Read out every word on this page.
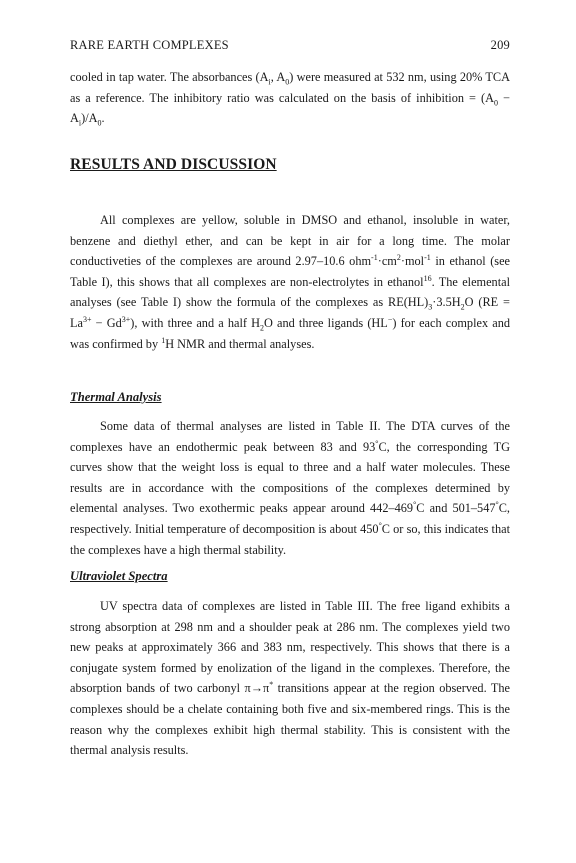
RARE EARTH COMPLEXES	209

cooled in tap water. The absorbances ($A_i$, $A_0$) were measured at 532 nm, using 20% TCA as a reference. The inhibitory ratio was calculated on the basis of inhibition = $(A_0 - A_i)/A_0$.

RESULTS AND DISCUSSION

All complexes are yellow, soluble in DMSO and ethanol, insoluble in water, benzene and diethyl ether, and can be kept in air for a long time. The molar conductiveties of the complexes are around 2.97–10.6 $ohm^{-1}\cdot cm^2\cdot mol^{-1}$ in ethanol (see Table I), this shows that all complexes are non-electrolytes in ethanol$^{16}$. The elemental analyses (see Table I) show the formula of the complexes as $RE(HL)_3\cdot 3.5H_2O$ $(RE = La^{3+} - Gd^{3+})$, with three and a half $H_2O$ and three ligands (HL−) for each complex and was confirmed by $^1$H NMR and thermal analyses.

Thermal Analysis

Some data of thermal analyses are listed in Table II. The DTA curves of the complexes have an endothermic peak between 83 and 93°C, the corresponding TG curves show that the weight loss is equal to three and a half water molecules. These results are in accordance with the compositions of the complexes determined by elemental analyses. Two exothermic peaks appear around 442–469°C and 501–547°C, respectively. Initial temperature of decomposition is about 450°C or so, this indicates that the complexes have a high thermal stability.

Ultraviolet Spectra

UV spectra data of complexes are listed in Table III. The free ligand exhibits a strong absorption at 298 nm and a shoulder peak at 286 nm. The complexes yield two new peaks at approximately 366 and 383 nm, respectively. This shows that there is a conjugate system formed by enolization of the ligand in the complexes. Therefore, the absorption bands of two carbonyl π→π* transitions appear at the region observed. The complexes should be a chelate containing both five and six-membered rings. This is the reason why the complexes exhibit high thermal stability. This is consistent with the thermal analysis results.
